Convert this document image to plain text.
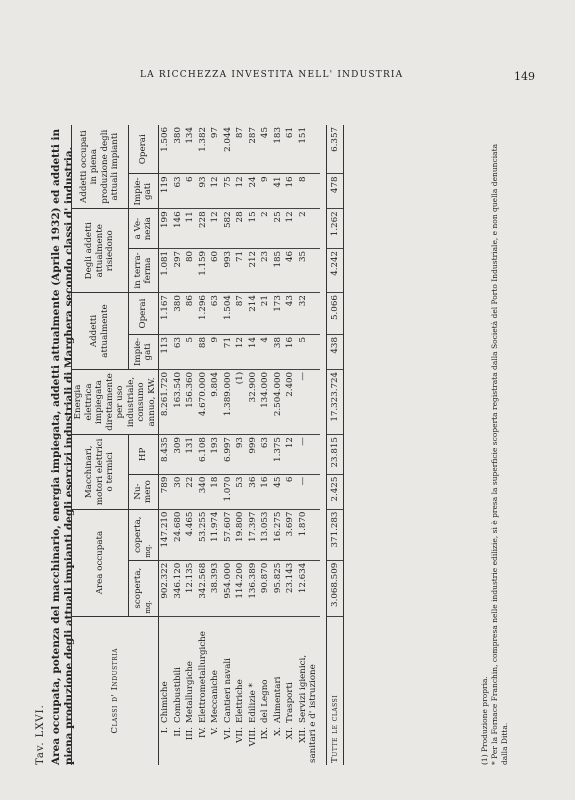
LA RICCHEZZA INVESTITA NELL' INDUSTRIA	149
Tav. LXVI. Area occupata, potenza del macchinario, energia impiegata, addetti attualmente (Aprile 1932) ed addetti in piena produzione degli attuali impianti degli esercizi industriali di Marghera secondo classi d' industria.	Classi d' Industria	Area occupata		Macchinari, motori elettrici o termici		Energia elettrica impiegata direttamente per uso industriale, consumo annuo, KW.	Addetti attualmente		Degli addetti attualmente risiedono		Addetti occupati in piena produzione degli attuali impianti	
	scoperta, mq.	coperta, mq.	Nu- mero	HP		Impie- gati	Operai	in terra- ferma	a Ve- nezia	Impie- gati	Operai
I.Chimiche	902.322	147.210	789	8.435	8.261.720	113	1.167	1.081	199	119	1.506
II.Combustibili	346.120	24.680	30	309	163.540	63	380	297	146	63	380
III.Metallurgiche	12.135	4.465	22	131	156.360	5	86	80	11	6	134
IV.Elettrometallurgiche	342.568	53.255	340	6.108	4.670.000	88	1.296	1.159	228	93	1.382
V.Meccaniche	38.393	11.974	18	193	9.804	9	63	60	12	12	97
VI.Cantieri navali	954.000	57.607	1.070	6.997	1.389.000	71	1.504	993	582	75	2.044
VII.Elettriche	114.200	19.800	53	93	(1)	12	87	71	28	12	87
VIII.Edilizie *	136.389	17.397	36	999	32.900	14	214	212	15	24	287
IX.del Legno	90.870	13.053	16	63	134.000	4	21	23	2	9	45
X.Alimentari	95.825	16.275	45	1.375	2.504.000	38	173	185	25	41	183
XI.Trasporti	23.143	3.697	6	12	2.400	16	43	46	12	16	61
XII.Servizi igienici, sanitari e d' istruzione	12.634	1.870	—	—	—	5	32	35	2	8	151

Tutte le classi	3.068.509	371.283	2.425	23.815	17.323.724	438	5.066	4.242	1.262	478	6.357
(1) Produzione propria. * Per la Fornace Franchin, compresa nelle industrie edilizie, si è presa la superficie scoperta registrata dalla Società del Porto Industriale, e non quella denunciata dalla Ditta.
